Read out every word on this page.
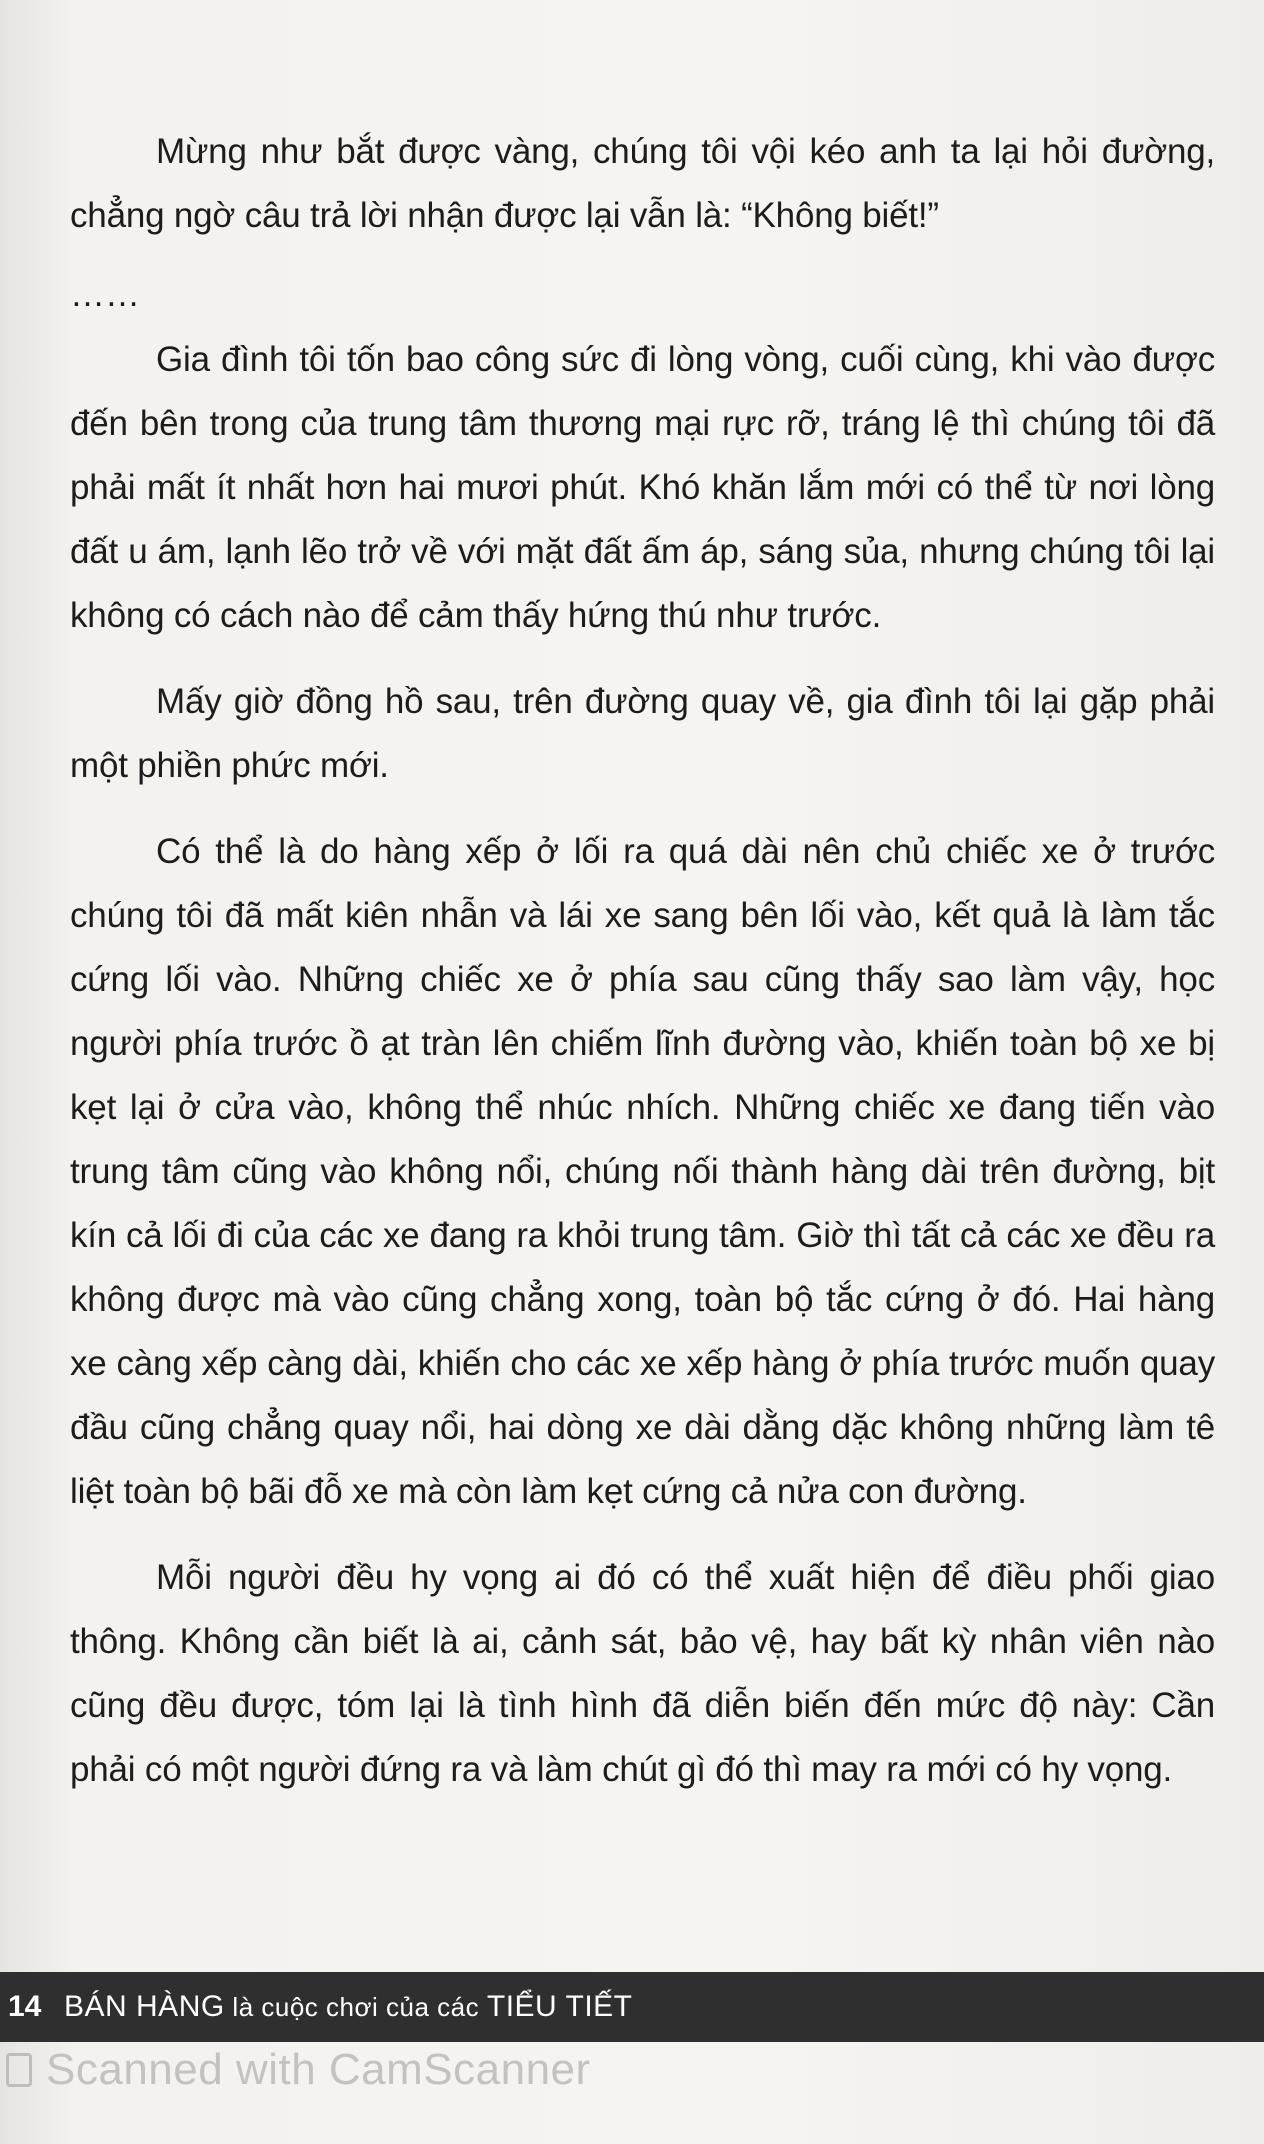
Mừng như bắt được vàng, chúng tôi vội kéo anh ta lại hỏi đường, chẳng ngờ câu trả lời nhận được lại vẫn là: “Không biết!”

……

Gia đình tôi tốn bao công sức đi lòng vòng, cuối cùng, khi vào được đến bên trong của trung tâm thương mại rực rỡ, tráng lệ thì chúng tôi đã phải mất ít nhất hơn hai mươi phút. Khó khăn lắm mới có thể từ nơi lòng đất u ám, lạnh lẽo trở về với mặt đất ấm áp, sáng sủa, nhưng chúng tôi lại không có cách nào để cảm thấy hứng thú như trước.

Mấy giờ đồng hồ sau, trên đường quay về, gia đình tôi lại gặp phải một phiền phức mới.

Có thể là do hàng xếp ở lối ra quá dài nên chủ chiếc xe ở trước chúng tôi đã mất kiên nhẫn và lái xe sang bên lối vào, kết quả là làm tắc cứng lối vào. Những chiếc xe ở phía sau cũng thấy sao làm vậy, học người phía trước ồ ạt tràn lên chiếm lĩnh đường vào, khiến toàn bộ xe bị kẹt lại ở cửa vào, không thể nhúc nhích. Những chiếc xe đang tiến vào trung tâm cũng vào không nổi, chúng nối thành hàng dài trên đường, bịt kín cả lối đi của các xe đang ra khỏi trung tâm. Giờ thì tất cả các xe đều ra không được mà vào cũng chẳng xong, toàn bộ tắc cứng ở đó. Hai hàng xe càng xếp càng dài, khiến cho các xe xếp hàng ở phía trước muốn quay đầu cũng chẳng quay nổi, hai dòng xe dài dằng dặc không những làm tê liệt toàn bộ bãi đỗ xe mà còn làm kẹt cứng cả nửa con đường.

Mỗi người đều hy vọng ai đó có thể xuất hiện để điều phối giao thông. Không cần biết là ai, cảnh sát, bảo vệ, hay bất kỳ nhân viên nào cũng đều được, tóm lại là tình hình đã diễn biến đến mức độ này: Cần phải có một người đứng ra và làm chút gì đó thì may ra mới có hy vọng.

14 BÁN HÀNG là cuộc chơi của các TIỂU TIẾT
Scanned with CamScanner
